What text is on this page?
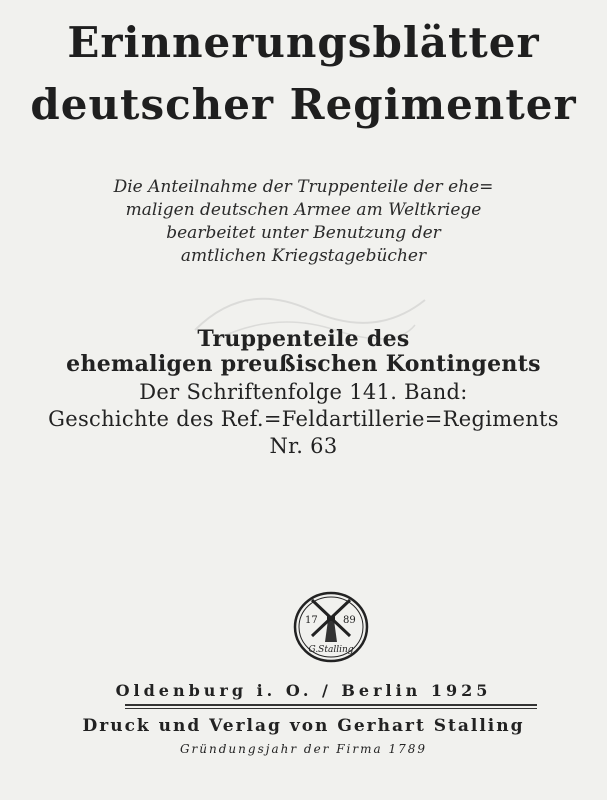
Erinnerungsblätter
deutscher Regimenter
Die Anteilnahme der Truppenteile der ehe=
maligen deutschen Armee am Weltkriege
bearbeitet unter Benutzung der
amtlichen Kriegstagebücher
Truppenteile des
ehemaligen preußischen Kontingents
Der Schriftenfolge 141. Band:
Geschichte des Ref.=Feldartillerie=Regiments
Nr. 63
17	89
G.Stalling
Oldenburg i. O. / Berlin 1925
Druck und Verlag von Gerhart Stalling
Gründungsjahr der Firma 1789
